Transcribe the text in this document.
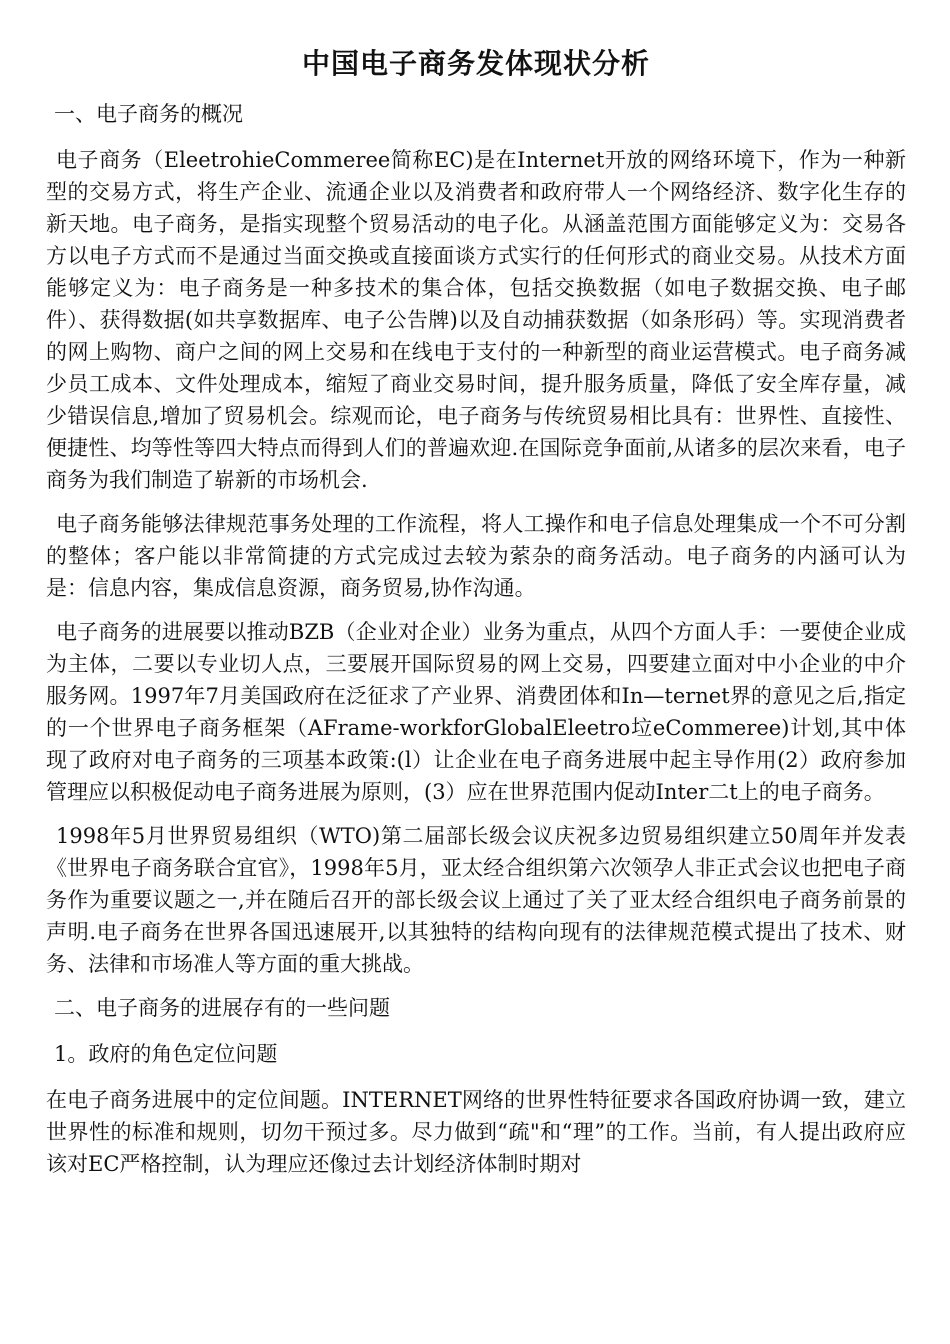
中国电子商务发体现状分析

一、电子商务的概况

电子商务（EleetrohieCommeree简称EC)是在Internet开放的网络环境下，作为一种新型的交易方式，将生产企业、流通企业以及消费者和政府带人一个网络经济、数字化生存的新天地。电子商务，是指实现整个贸易活动的电子化。从涵盖范围方面能够定义为：交易各方以电子方式而不是通过当面交换或直接面谈方式实行的任何形式的商业交易。从技术方面能够定义为：电子商务是一种多技术的集合体，包括交换数据（如电子数据交换、电子邮件）、获得数据(如共享数据库、电子公告牌)以及自动捕获数据（如条形码）等。实现消费者的网上购物、商户之间的网上交易和在线电于支付的一种新型的商业运营模式。电子商务减少员工成本、文件处理成本，缩短了商业交易时间，提升服务质量，降低了安全库存量，减少错误信息,增加了贸易机会。综观而论，电子商务与传统贸易相比具有：世界性、直接性、便捷性、均等性等四大特点而得到人们的普遍欢迎.在国际竞争面前,从诸多的层次来看，电子商务为我们制造了崭新的市场机会.

电子商务能够法律规范事务处理的工作流程，将人工操作和电子信息处理集成一个不可分割的整体；客户能以非常简捷的方式完成过去较为萦杂的商务活动。电子商务的内涵可认为是：信息内容，集成信息资源，商务贸易,协作沟通。

电子商务的进展要以推动BZB（企业对企业）业务为重点，从四个方面人手：一要使企业成为主体，二要以专业切人点，三要展开国际贸易的网上交易，四要建立面对中小企业的中介服务网。1997年7月美国政府在泛征求了产业界、消费团体和In—ternet界的意见之后,指定的一个世界电子商务框架（AFrame-workforGlobalEleetro垃eCommeree)计划,其中体现了政府对电子商务的三项基本政策:(l）让企业在电子商务进展中起主导作用(2）政府参加管理应以积极促动电子商务进展为原则，(3）应在世界范围内促动Inter二t上的电子商务。

1998年5月世界贸易组织（WTO)第二届部长级会议庆祝多边贸易组织建立50周年并发表《世界电子商务联合宜官》，1998年5月，亚太经合组织第六次领孕人非正式会议也把电子商务作为重要议题之一,并在随后召开的部长级会议上通过了关了亚太经合组织电子商务前景的声明.电子商务在世界各国迅速展开,以其独特的结构向现有的法律规范模式提出了技术、财务、法律和市场准人等方面的重大挑战。

二、电子商务的进展存有的一些问题

1。政府的角色定位问题

在电子商务进展中的定位间题。INTERNET网络的世界性特征要求各国政府协调一致，建立世界性的标准和规则，切勿干预过多。尽力做到“疏"和“理”的工作。当前，有人提出政府应该对EC严格控制，认为理应还像过去计划经济体制时期对
